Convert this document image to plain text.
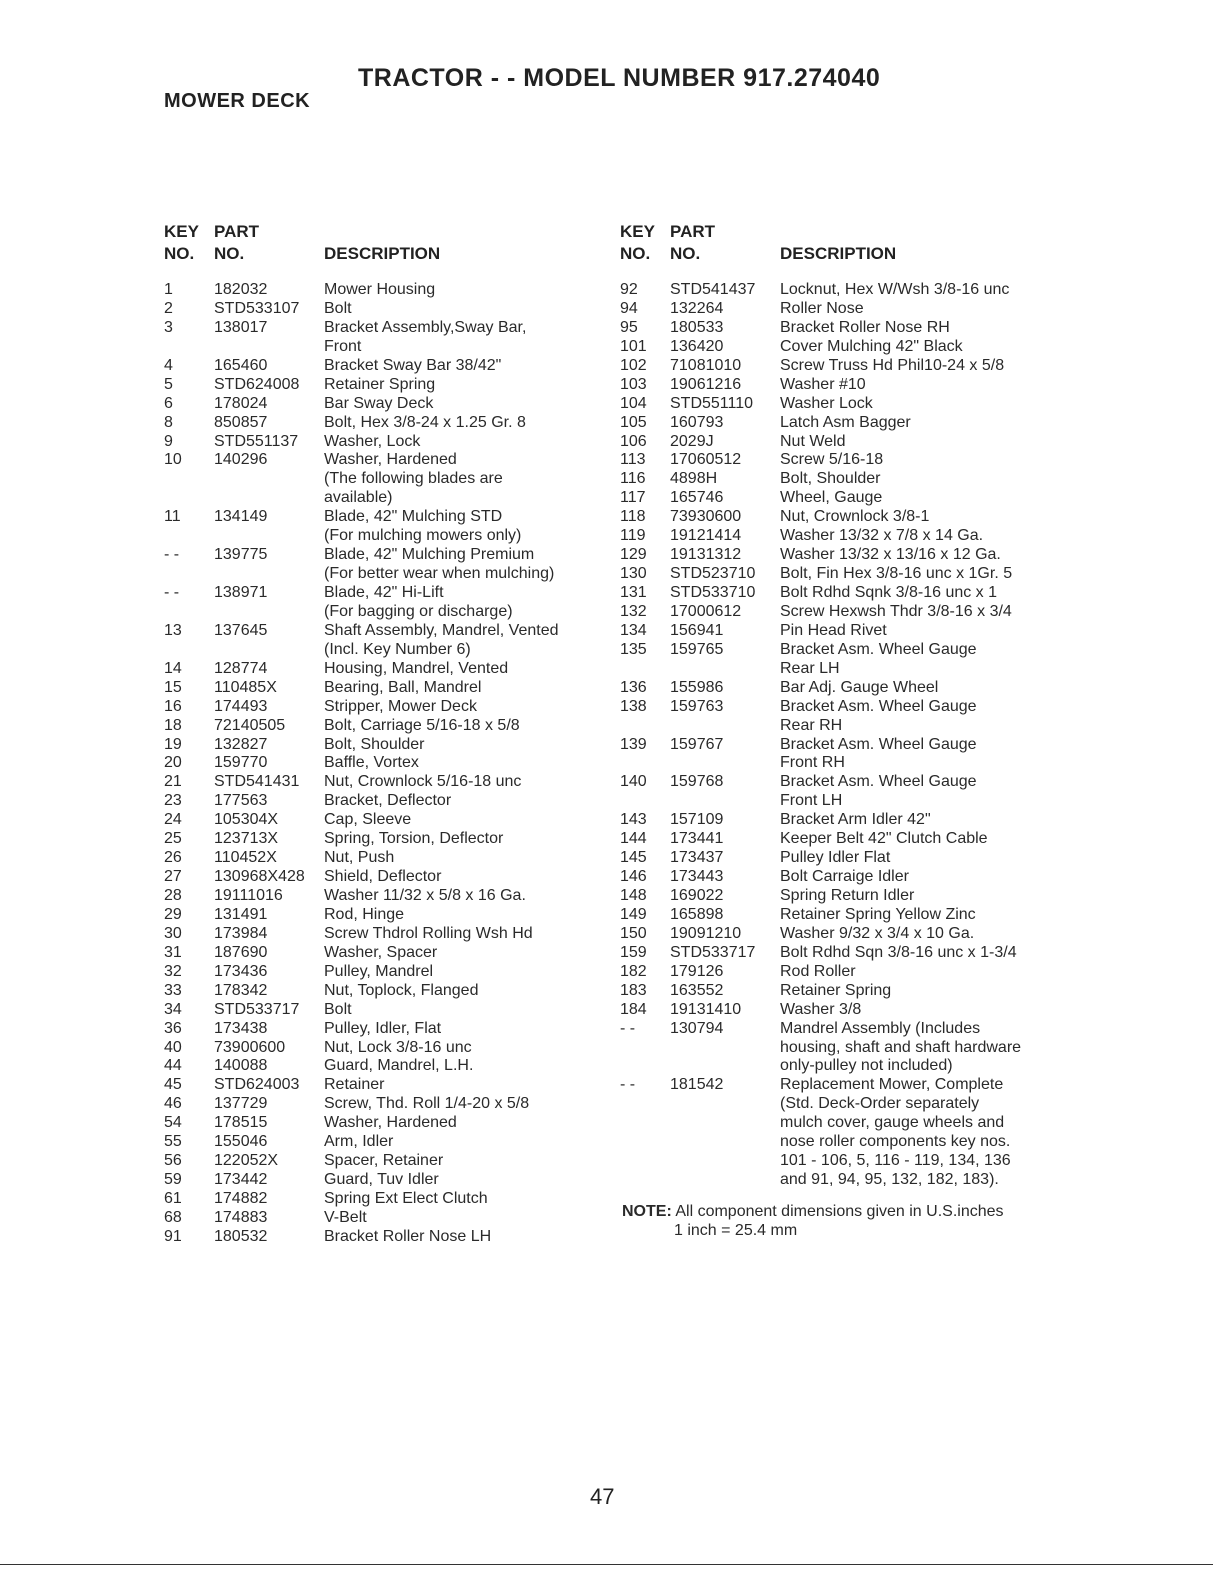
TRACTOR - - MODEL NUMBER 917.274040
MOWER DECK
KEY
NO.
PART
NO.	DESCRIPTION
1	182032	Mower Housing
2	STD533107 Bolt
3	138017	Bracket Assembly,Sway Bar,
Front
4	165460	Bracket Sway Bar 38/42"
5	STD624008 Retainer Spring
6	178024	Bar Sway Deck
8	850857	Bolt, Hex 3/8-24 x 1.25 Gr. 8
9	STD551137 Washer, Lock
10 140296	Washer, Hardened
(The following blades are
available)
11 134149	Blade, 42" Mulching STD
(For mulching mowers only)
- - 139775	Blade, 42" Mulching Premium
(For better wear when mulching)
- - 138971	Blade, 42" Hi-Lift
(For bagging or discharge)
13 137645	Shaft Assembly, Mandrel, Vented
(Incl. Key Number 6)
14 128774	Housing, Mandrel, Vented
15 110485X	Bearing, Ball, Mandrel
16 174493	Stripper, Mower Deck
18 72140505 Bolt, Carriage 5/16-18 x 5/8
19 132827	Bolt, Shoulder
20 159770	Baffle, Vortex
21 STD541431 Nut, Crownlock 5/16-18 unc
23 177563	Bracket, Deflector
24 105304X	Cap, Sleeve
25 123713X	Spring, Torsion, Deflector
26 110452X	Nut, Push
27 130968X428 Shield, Deflector
28 19111016	Washer 11/32 x 5/8 x 16 Ga.
29 131491	Rod, Hinge
30 173984	Screw Thdrol Rolling Wsh Hd
31 187690	Washer, Spacer
32 173436	Pulley, Mandrel
33 178342	Nut, Toplock, Flanged
34 STD533717 Bolt
36 173438	Pulley, Idler, Flat
40 73900600 Nut, Lock 3/8-16 unc
44 140088	Guard, Mandrel, L.H.
45 STD624003 Retainer
46 137729	Screw, Thd. Roll 1/4-20 x 5/8
54 178515	Washer, Hardened
55 155046	Arm, Idler
56 122052X	Spacer, Retainer
59 173442	Guard, Tuv Idler
61 174882	Spring Ext Elect Clutch
68 174883	V-Belt
91 180532	Bracket Roller Nose LH
KEY
NO.
PART
NO.	DESCRIPTION
92 STD541437 Locknut, Hex W/Wsh 3/8-16 unc
94 132264	Roller Nose
95 180533	Bracket Roller Nose RH
101 136420	Cover Mulching 42" Black
102 71081010 Screw Truss Hd Phil10-24 x 5/8
103 19061216 Washer #10
104 STD551110 Washer Lock
105 160793	Latch Asm Bagger
106 2029J	Nut Weld
113 17060512 Screw 5/16-18
116 4898H	Bolt, Shoulder
117 165746	Wheel, Gauge
118 73930600 Nut, Crownlock 3/8-1
119 19121414 Washer 13/32 x 7/8 x 14 Ga.
129 19131312 Washer 13/32 x 13/16 x 12 Ga.
130 STD523710 Bolt, Fin Hex 3/8-16 unc x 1Gr. 5
131 STD533710 Bolt Rdhd Sqnk 3/8-16 unc x 1
132 17000612 Screw Hexwsh Thdr 3/8-16 x 3/4
134 156941	Pin Head Rivet
135 159765	Bracket Asm. Wheel Gauge
Rear LH
136 155986	Bar Adj. Gauge Wheel
138 159763	Bracket Asm. Wheel Gauge
Rear RH
139 159767	Bracket Asm. Wheel Gauge
Front RH
140 159768	Bracket Asm. Wheel Gauge
Front LH
143 157109	Bracket Arm Idler 42"
144 173441	Keeper Belt 42" Clutch Cable
145 173437	Pulley Idler Flat
146 173443	Bolt Carraige Idler
148 169022	Spring Return Idler
149 165898	Retainer Spring Yellow Zinc
150 19091210 Washer 9/32 x 3/4 x 10 Ga.
159 STD533717 Bolt Rdhd Sqn 3/8-16 unc x 1-3/4
182 179126	Rod Roller
183 163552	Retainer Spring
184 19131410 Washer 3/8
- - 130794	Mandrel Assembly (Includes
housing, shaft and shaft hardware
only-pulley not included)
- - 181542	Replacement Mower, Complete
(Std. Deck-Order separately
mulch cover, gauge wheels and
nose roller components key nos.
101 - 106, 5, 116 - 119, 134, 136
and 91, 94, 95, 132, 182, 183).
NOTE: All component dimensions given in U.S.inches
1 inch = 25.4 mm
47
